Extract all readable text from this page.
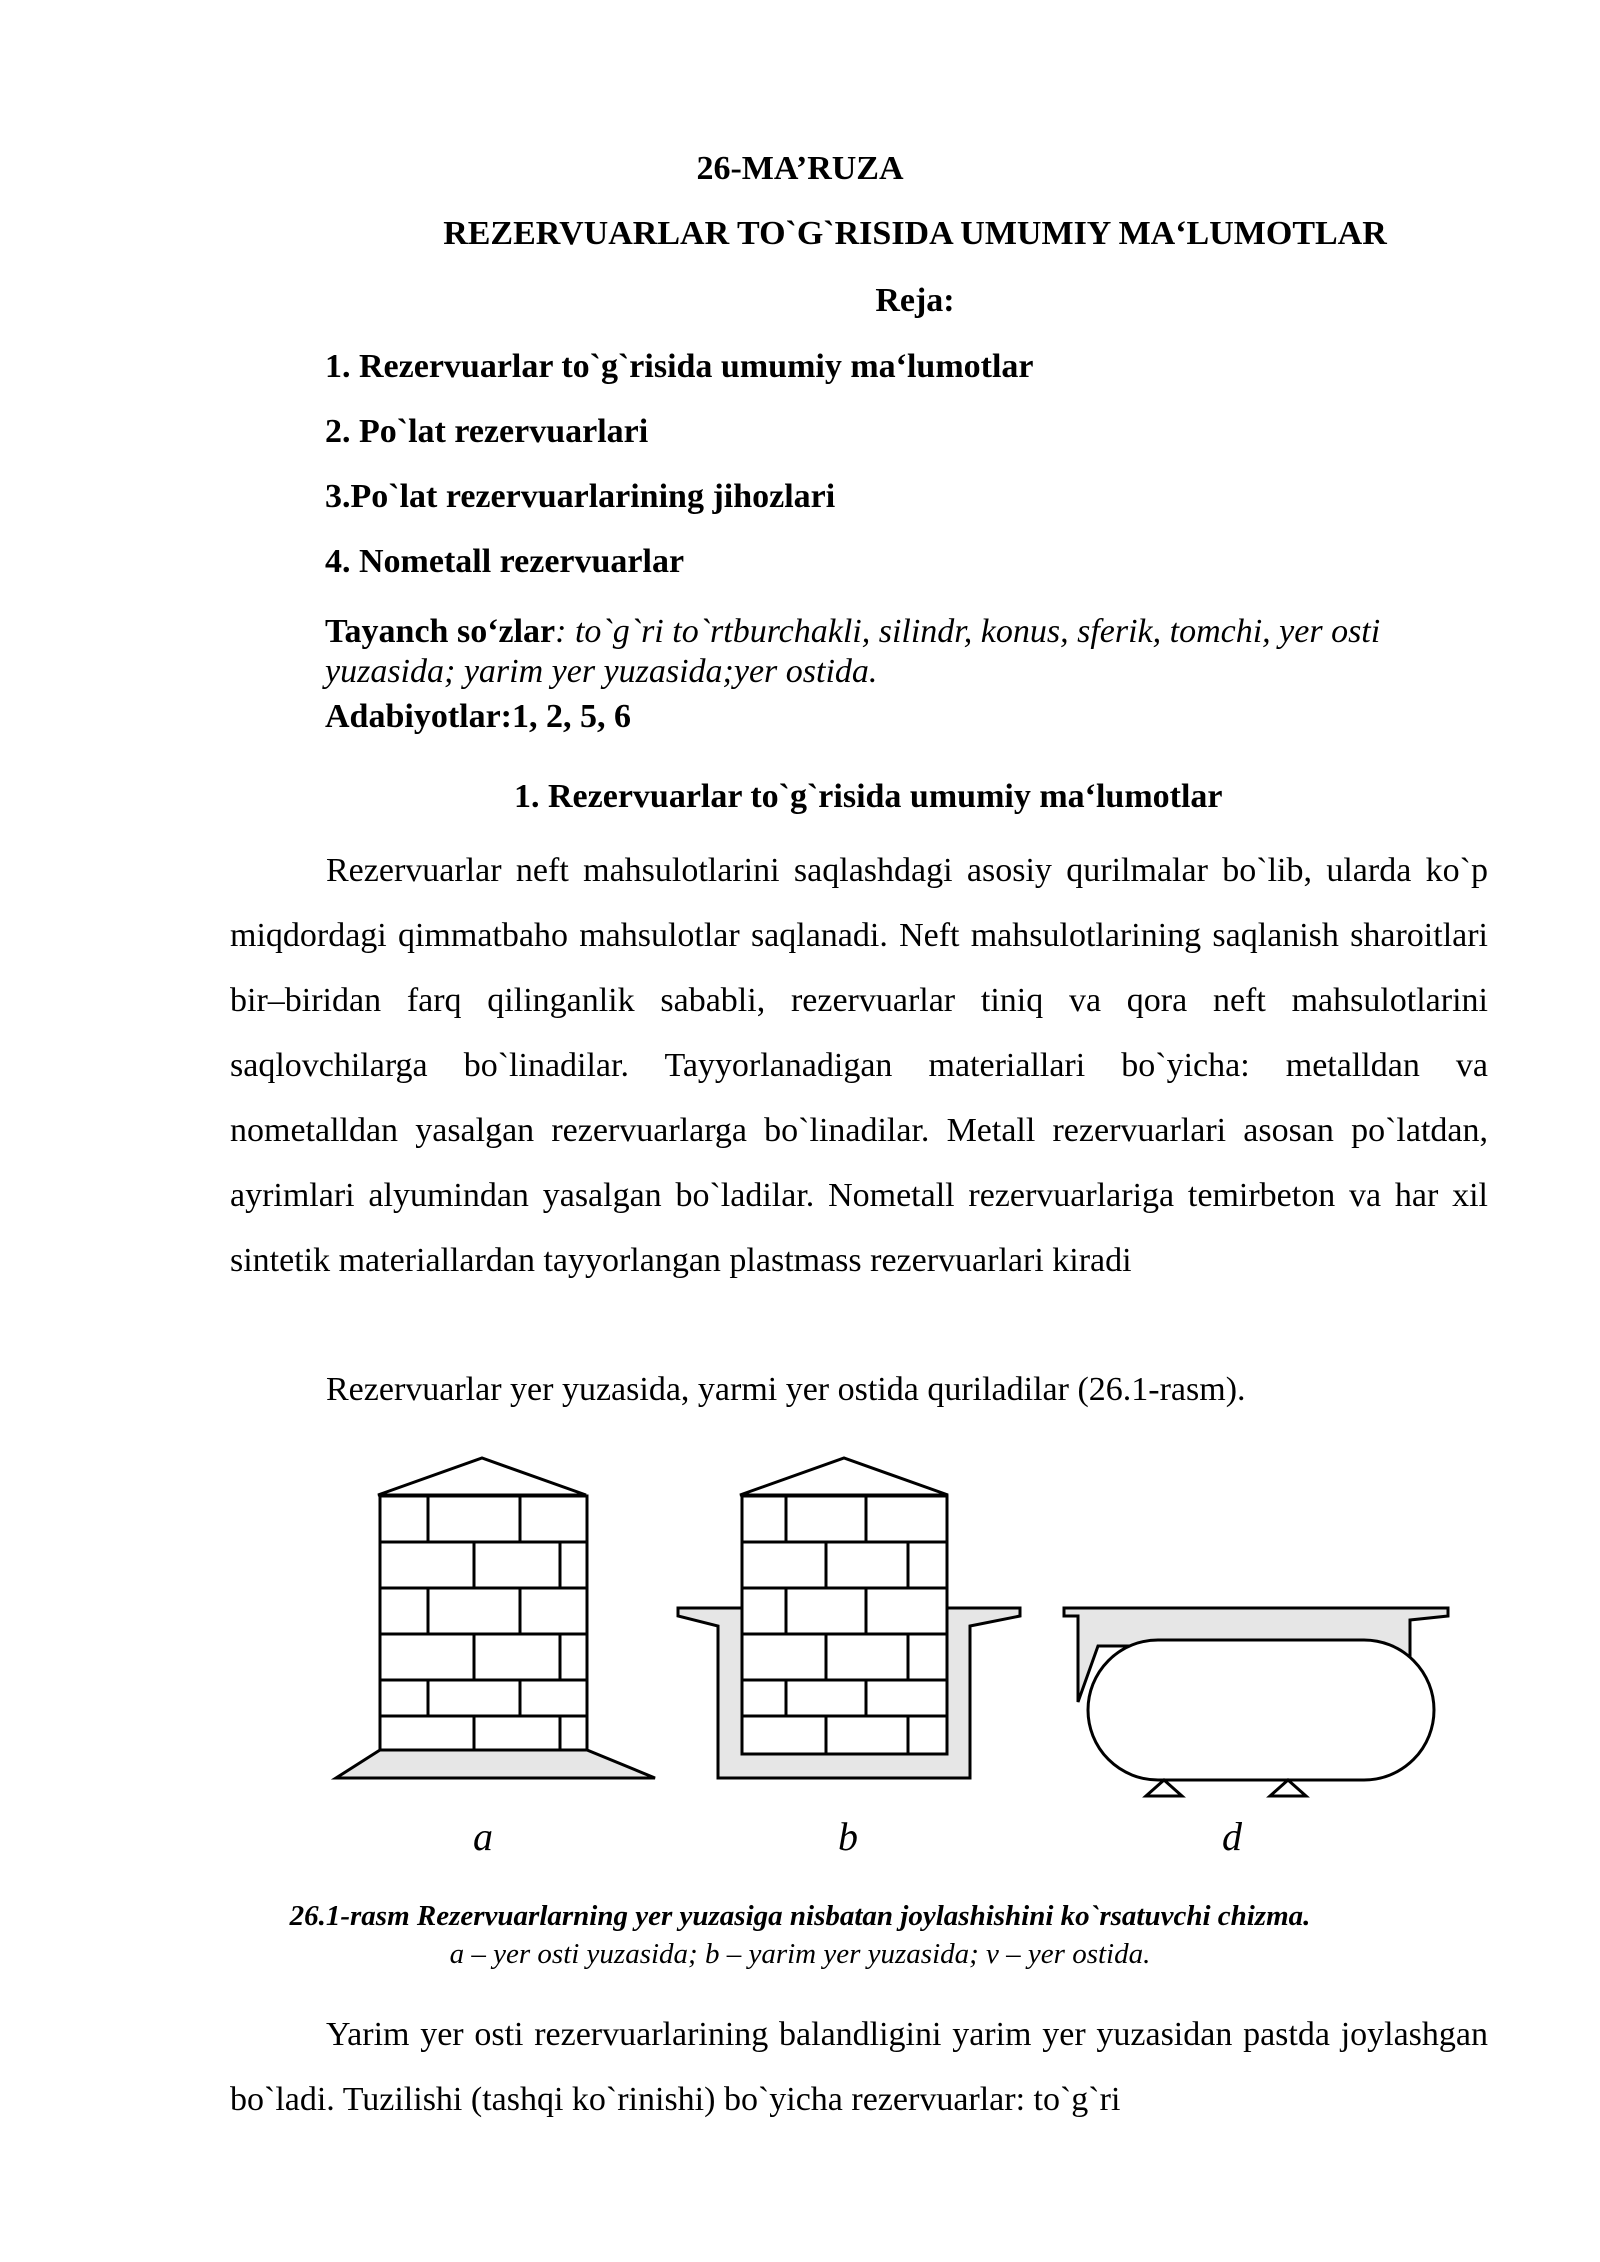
26-MA’RUZA
REZERVUARLAR TO`G`RISIDA UMUMIY MA‘LUMOTLAR
Reja:
1. Rezervuarlar to`g`risida umumiy ma‘lumotlar
2. Po`lat rezervuarlari
3.Po`lat rezervuarlarining jihozlari
4. Nometall rezervuarlar
Tayanch so‘zlar: to`g`ri to`rtburchakli, silindr, konus, sferik, tomchi, yer osti yuzasida; yarim yer yuzasida;yer ostida.
Adabiyotlar:1, 2, 5, 6
1. Rezervuarlar to`g`risida umumiy ma‘lumotlar
Rezervuarlar neft mahsulotlarini saqlashdagi asosiy qurilmalar bo`lib, ularda ko`p miqdordagi qimmatbaho mahsulotlar saqlanadi. Neft mahsulotlarining saqlanish sharoitlari bir–biridan farq qilinganlik sababli, rezervuarlar tiniq va qora neft mahsulotlarini saqlovchilarga bo`linadilar. Tayyorlanadigan materiallari bo`yicha: metalldan va nometalldan yasalgan rezervuarlarga bo`linadilar. Metall rezervuarlari asosan po`latdan, ayrimlari alyumindan yasalgan bo`ladilar. Nometall rezervuarlariga temirbeton va har xil sintetik materiallardan tayyorlangan plastmass rezervuarlari kiradi
Rezervuarlar yer yuzasida, yarmi yer ostida quriladilar (26.1-rasm).
a	b	d
26.1-rasm Rezervuarlarning yer yuzasiga nisbatan joylashishini ko`rsatuvchi chizma.
a – yer osti yuzasida; b – yarim yer yuzasida; v – yer ostida.
Yarim yer osti rezervuarlarining balandligini yarim yer yuzasidan pastda joylashgan bo`ladi. Tuzilishi (tashqi ko`rinishi) bo`yicha rezervuarlar: to`g`ri
